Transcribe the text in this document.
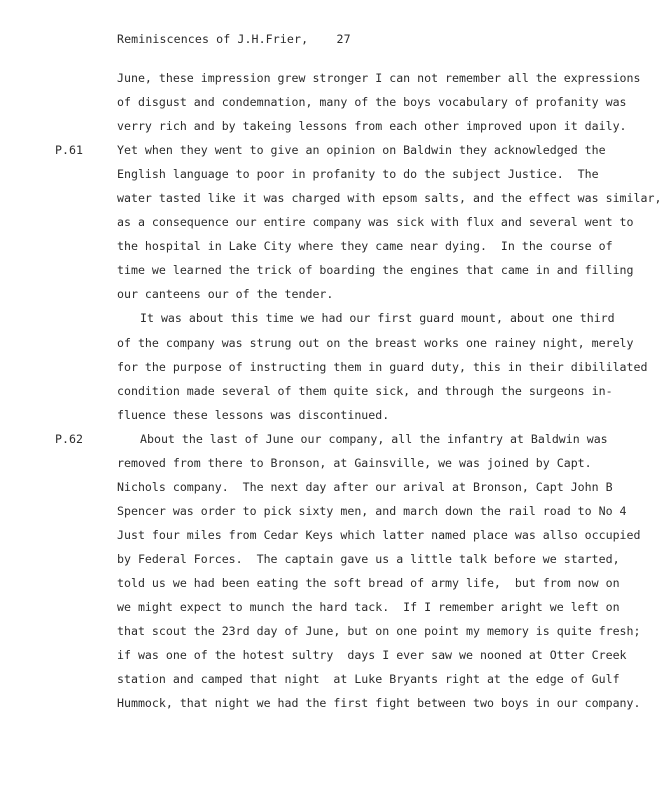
Reminiscences of J.H.Frier, 27
June, these impression grew stronger I can not remember all the expressions
of disgust and condemnation, many of the boys vocabulary of profanity was
verry rich and by takeing lessons from each other improved upon it daily.
P.61	Yet when they went to give an opinion on Baldwin they acknowledged the
English language to poor in profanity to do the subject Justice.  The
water tasted like it was charged with epsom salts, and the effect was similar,
as a consequence our entire company was sick with flux and several went to
the hospital in Lake City where they came near dying.  In the course of
time we learned the trick of boarding the engines that came in and filling
our canteens our of the tender.
It was about this time we had our first guard mount, about one third
of the company was strung out on the breast works one rainey night, merely
for the purpose of instructing them in guard duty, this in their dibililated
condition made several of them quite sick, and through the surgeons in-
fluence these lessons was discontinued.
P.62	About the last of June our company, all the infantry at Baldwin was
removed from there to Bronson, at Gainsville, we was joined by Capt.
Nichols company.  The next day after our arival at Bronson, Capt John B
Spencer was order to pick sixty men, and march down the rail road to No 4
Just four miles from Cedar Keys which latter named place was allso occupied
by Federal Forces.  The captain gave us a little talk before we started,
told us we had been eating the soft bread of army life,  but from now on
we might expect to munch the hard tack.  If I remember aright we left on
that scout the 23rd day of June, but on one point my memory is quite fresh;
if was one of the hotest sultry  days I ever saw we nooned at Otter Creek
station and camped that night  at Luke Bryants right at the edge of Gulf
Hummock, that night we had the first fight between two boys in our company.
